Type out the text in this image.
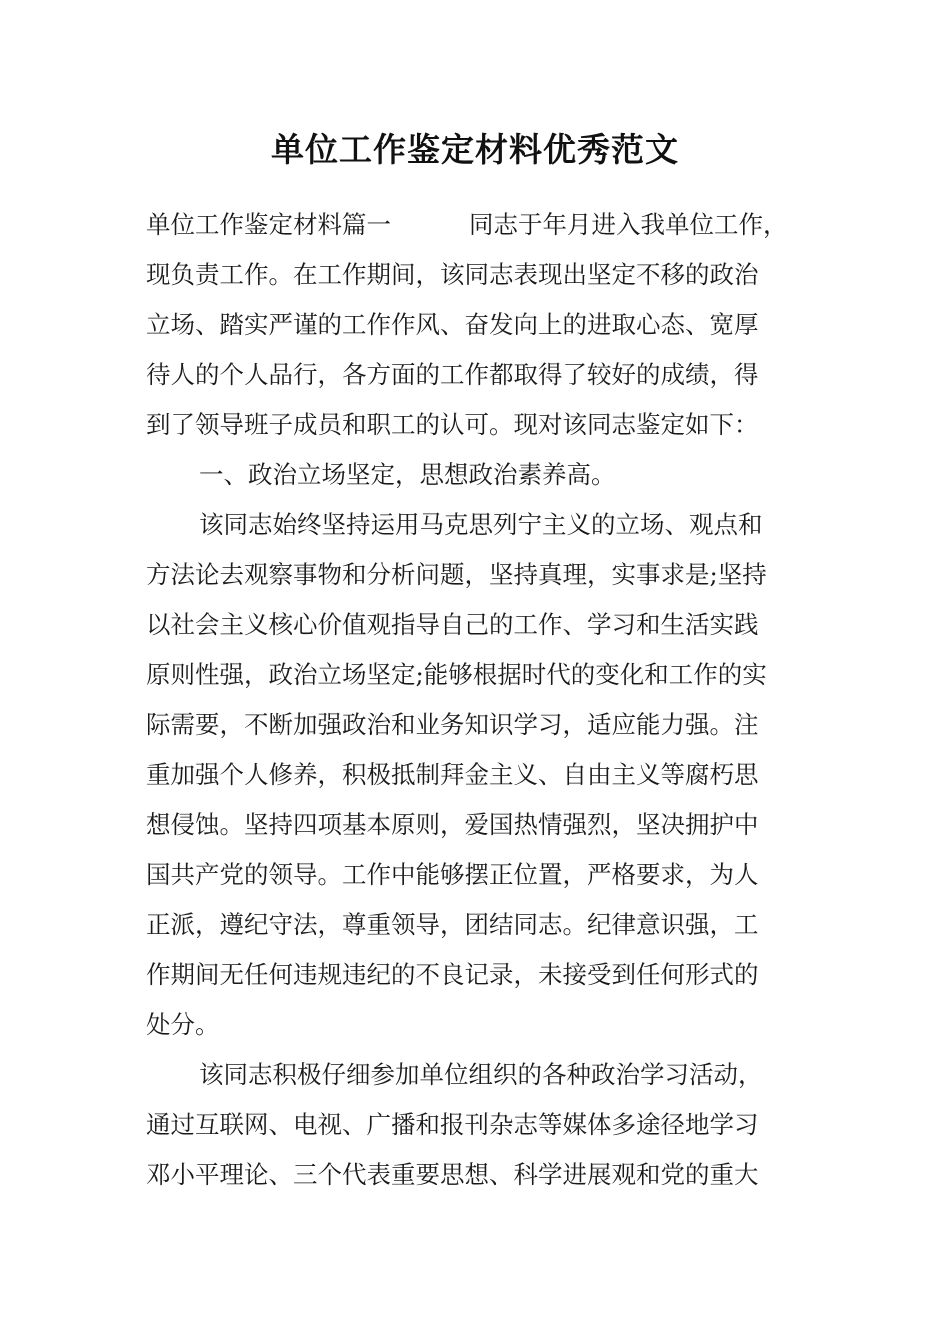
单位工作鉴定材料优秀范文
单位工作鉴定材料篇一	同志于年月进入我单位工作，
现负责工作。在工作期间，该同志表现出坚定不移的政治
立场、踏实严谨的工作作风、奋发向上的进取心态、宽厚
待人的个人品行，各方面的工作都取得了较好的成绩，得
到了领导班子成员和职工的认可。现对该同志鉴定如下：
一、政治立场坚定，思想政治素养高。
该同志始终坚持运用马克思列宁主义的立场、观点和
方法论去观察事物和分析问题，坚持真理，实事求是;坚持
以社会主义核心价值观指导自己的工作、学习和生活实践
原则性强，政治立场坚定;能够根据时代的变化和工作的实
际需要，不断加强政治和业务知识学习，适应能力强。注
重加强个人修养，积极抵制拜金主义、自由主义等腐朽思
想侵蚀。坚持四项基本原则，爱国热情强烈，坚决拥护中
国共产党的领导。工作中能够摆正位置，严格要求，为人
正派，遵纪守法，尊重领导，团结同志。纪律意识强，工
作期间无任何违规违纪的不良记录，未接受到任何形式的
处分。
该同志积极仔细参加单位组织的各种政治学习活动，
通过互联网、电视、广播和报刊杂志等媒体多途径地学习
邓小平理论、三个代表重要思想、科学进展观和党的重大
